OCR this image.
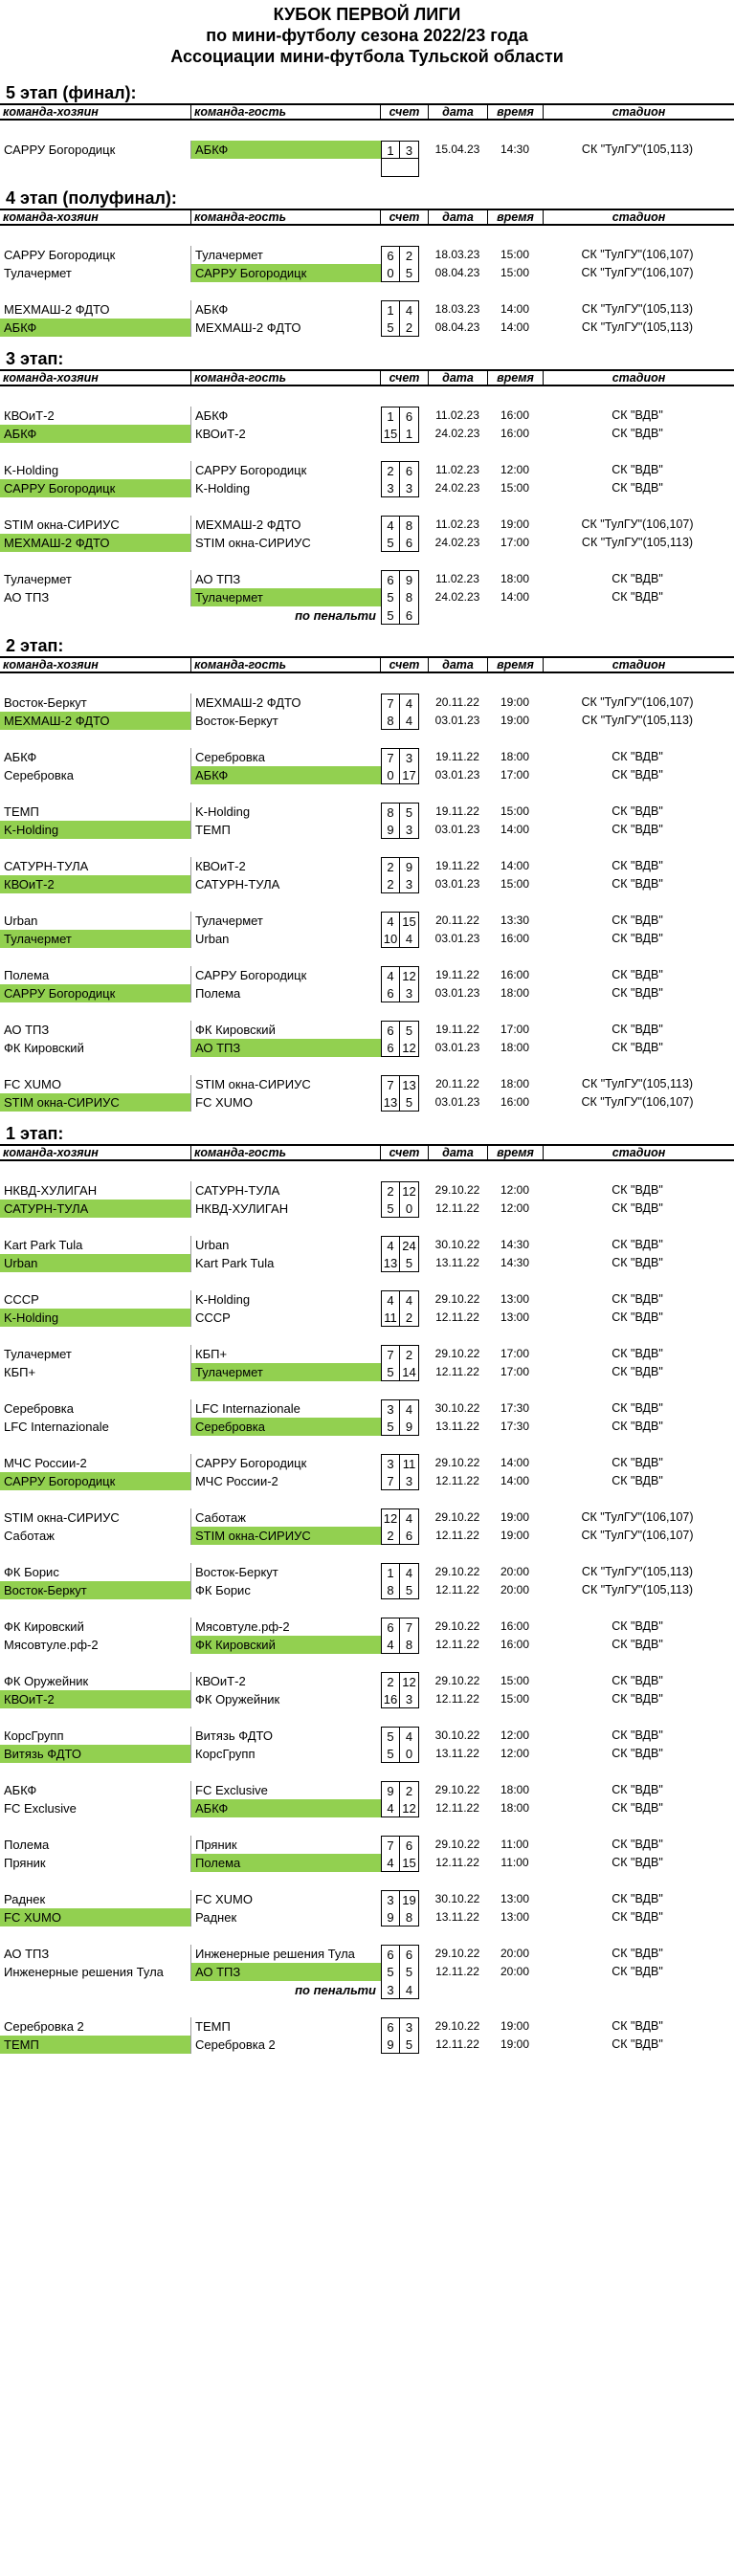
КУБОК ПЕРВОЙ ЛИГИ
по мини-футболу сезона 2022/23 года
Ассоциации мини-футбола Тульской области
5 этап (финал):
команда-хозяин	команда-гость	счет	дата	время	стадион
САРРУ Богородицк	АБКФ	1 3	15.04.23	14:30	СК "ТулГУ"(105,113)
4 этап (полуфинал):
команда-хозяин	команда-гость	счет	дата	время	стадион
САРРУ Богородицк	Тулачермет	6 2	18.03.23	15:00	СК "ТулГУ"(106,107)
Тулачермет	САРРУ Богородицк	0 5	08.04.23	15:00	СК "ТулГУ"(106,107)
МЕХМАШ-2 ФДТО	АБКФ	1 4	18.03.23	14:00	СК "ТулГУ"(105,113)
АБКФ	МЕХМАШ-2 ФДТО	5 2	08.04.23	14:00	СК "ТулГУ"(105,113)
3 этап:
команда-хозяин	команда-гость	счет	дата	время	стадион
КВОиТ-2	АБКФ	1 6	11.02.23	16:00	СК "ВДВ"
АБКФ	КВОиТ-2	15 1	24.02.23	16:00	СК "ВДВ"
K-Holding	САРРУ Богородицк	2 6	11.02.23	12:00	СК "ВДВ"
САРРУ Богородицк	K-Holding	3 3	24.02.23	15:00	СК "ВДВ"
STIM окна-СИРИУС	МЕХМАШ-2 ФДТО	4 8	11.02.23	19:00	СК "ТулГУ"(106,107)
МЕХМАШ-2 ФДТО	STIM окна-СИРИУС	5 6	24.02.23	17:00	СК "ТулГУ"(105,113)
Тулачермет	АО ТПЗ	6 9	11.02.23	18:00	СК "ВДВ"
АО ТПЗ	Тулачермет	5 8	24.02.23	14:00	СК "ВДВ"
по пенальти 5 6
2 этап:
команда-хозяин	команда-гость	счет	дата	время	стадион
Восток-Беркут	МЕХМАШ-2 ФДТО	7 4	20.11.22	19:00	СК "ТулГУ"(106,107)
МЕХМАШ-2 ФДТО	Восток-Беркут	8 4	03.01.23	19:00	СК "ТулГУ"(105,113)
АБКФ	Серебровка	7 3	19.11.22	18:00	СК "ВДВ"
Серебровка	АБКФ	0 17	03.01.23	17:00	СК "ВДВ"
ТЕМП	K-Holding	8 5	19.11.22	15:00	СК "ВДВ"
K-Holding	ТЕМП	9 3	03.01.23	14:00	СК "ВДВ"
САТУРН-ТУЛА	КВОиТ-2	2 9	19.11.22	14:00	СК "ВДВ"
КВОиТ-2	САТУРН-ТУЛА	2 3	03.01.23	15:00	СК "ВДВ"
Urban	Тулачермет	4 15	20.11.22	13:30	СК "ВДВ"
Тулачермет	Urban	10 4	03.01.23	16:00	СК "ВДВ"
Полема	САРРУ Богородицк	4 12	19.11.22	16:00	СК "ВДВ"
САРРУ Богородицк	Полема	6 3	03.01.23	18:00	СК "ВДВ"
АО ТПЗ	ФК Кировский	6 5	19.11.22	17:00	СК "ВДВ"
ФК Кировский	АО ТПЗ	6 12	03.01.23	18:00	СК "ВДВ"
FC XUMO	STIM окна-СИРИУС	7 13	20.11.22	18:00	СК "ТулГУ"(105,113)
STIM окна-СИРИУС	FC XUMO	13 5	03.01.23	16:00	СК "ТулГУ"(106,107)
1 этап:
команда-хозяин	команда-гость	счет	дата	время	стадион
НКВД-ХУЛИГАН	САТУРН-ТУЛА	2 12	29.10.22	12:00	СК "ВДВ"
САТУРН-ТУЛА	НКВД-ХУЛИГАН	5 0	12.11.22	12:00	СК "ВДВ"
Kart Park Tula	Urban	4 24	30.10.22	14:30	СК "ВДВ"
Urban	Kart Park Tula	13 5	13.11.22	14:30	СК "ВДВ"
СССР	K-Holding	4 4	29.10.22	13:00	СК "ВДВ"
K-Holding	СССР	11 2	12.11.22	13:00	СК "ВДВ"
Тулачермет	КБП+	7 2	29.10.22	17:00	СК "ВДВ"
КБП+	Тулачермет	5 14	12.11.22	17:00	СК "ВДВ"
Серебровка	LFC Internazionale	3 4	30.10.22	17:30	СК "ВДВ"
LFC Internazionale	Серебровка	5 9	13.11.22	17:30	СК "ВДВ"
МЧС России-2	САРРУ Богородицк	3 11	29.10.22	14:00	СК "ВДВ"
САРРУ Богородицк	МЧС России-2	7 3	12.11.22	14:00	СК "ВДВ"
STIM окна-СИРИУС	Саботаж	12 4	29.10.22	19:00	СК "ТулГУ"(106,107)
Саботаж	STIM окна-СИРИУС	2 6	12.11.22	19:00	СК "ТулГУ"(106,107)
ФК Борис	Восток-Беркут	1 4	29.10.22	20:00	СК "ТулГУ"(105,113)
Восток-Беркут	ФК Борис	8 5	12.11.22	20:00	СК "ТулГУ"(105,113)
ФК Кировский	Мясовтуле.рф-2	6 7	29.10.22	16:00	СК "ВДВ"
Мясовтуле.рф-2	ФК Кировский	4 8	12.11.22	16:00	СК "ВДВ"
ФК Оружейник	КВОиТ-2	2 12	29.10.22	15:00	СК "ВДВ"
КВОиТ-2	ФК Оружейник	16 3	12.11.22	15:00	СК "ВДВ"
КорсГрупп	Витязь ФДТО	5 4	30.10.22	12:00	СК "ВДВ"
Витязь ФДТО	КорсГрупп	5 0	13.11.22	12:00	СК "ВДВ"
АБКФ	FC Exclusive	9 2	29.10.22	18:00	СК "ВДВ"
FC Exclusive	АБКФ	4 12	12.11.22	18:00	СК "ВДВ"
Полема	Пряник	7 6	29.10.22	11:00	СК "ВДВ"
Пряник	Полема	4 15	12.11.22	11:00	СК "ВДВ"
Раднек	FC XUMO	3 19	30.10.22	13:00	СК "ВДВ"
FC XUMO	Раднек	9 8	13.11.22	13:00	СК "ВДВ"
АО ТПЗ	Инженерные решения Тула	6 6	29.10.22	20:00	СК "ВДВ"
Инженерные решения Тула	АО ТПЗ	5 5	12.11.22	20:00	СК "ВДВ"
по пенальти 3 4
Серебровка 2	ТЕМП	6 3	29.10.22	19:00	СК "ВДВ"
ТЕМП	Серебровка 2	9 5	12.11.22	19:00	СК "ВДВ"
